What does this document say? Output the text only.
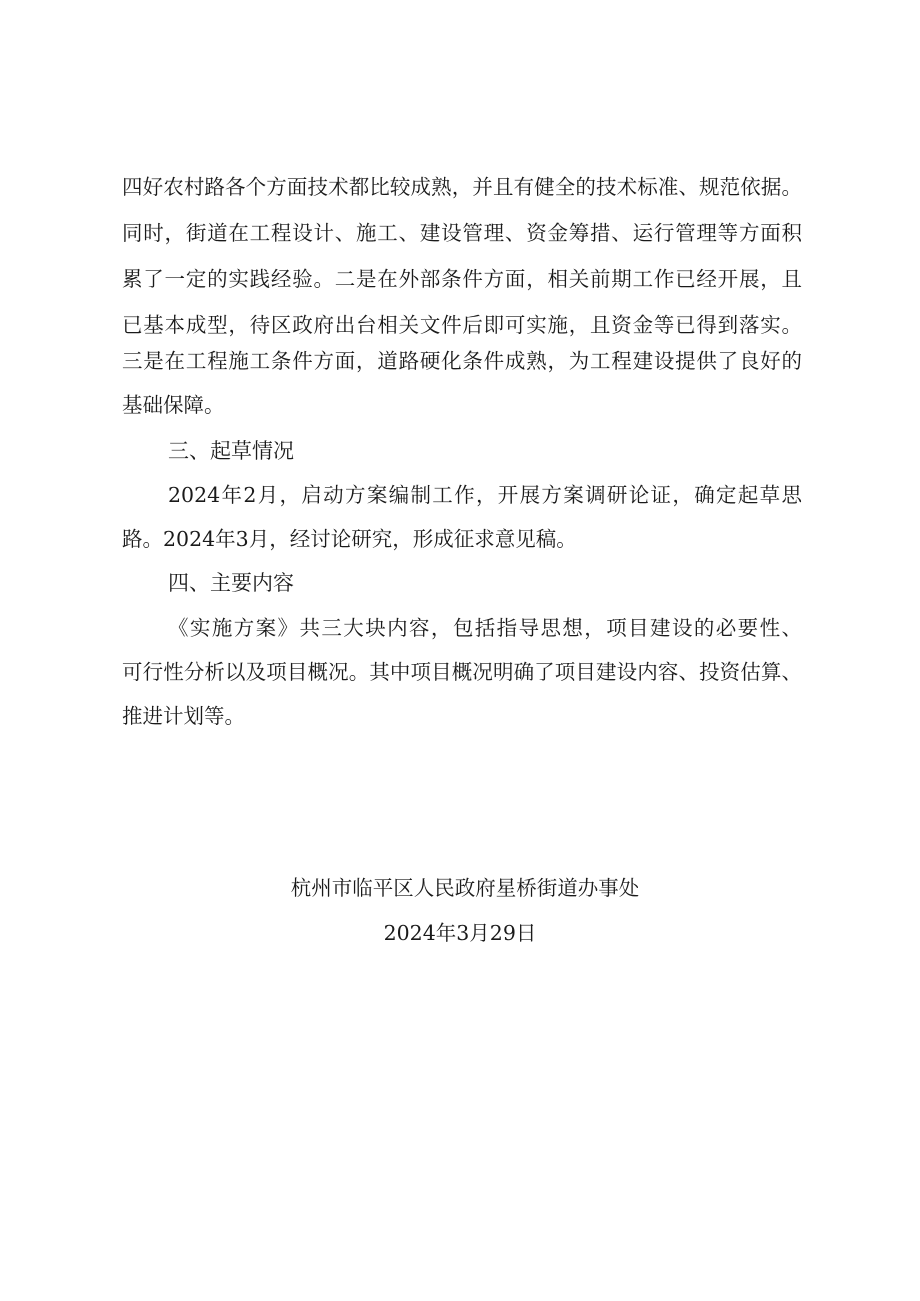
四好农村路各个方面技术都比较成熟，并且有健全的技术标准、规范依据。
同时，街道在工程设计、施工、建设管理、资金筹措、运行管理等方面积
累了一定的实践经验。二是在外部条件方面，相关前期工作已经开展，且
已基本成型，待区政府出台相关文件后即可实施，且资金等已得到落实。
三是在工程施工条件方面，道路硬化条件成熟，为工程建设提供了良好的
基础保障。
三、起草情况
2024年2月，启动方案编制工作，开展方案调研论证，确定起草思
路。2024年3月，经讨论研究，形成征求意见稿。
四、主要内容
《实施方案》共三大块内容，包括指导思想，项目建设的必要性、
可行性分析以及项目概况。其中项目概况明确了项目建设内容、投资估算、
推进计划等。
杭州市临平区人民政府星桥街道办事处
2024年3月29日
